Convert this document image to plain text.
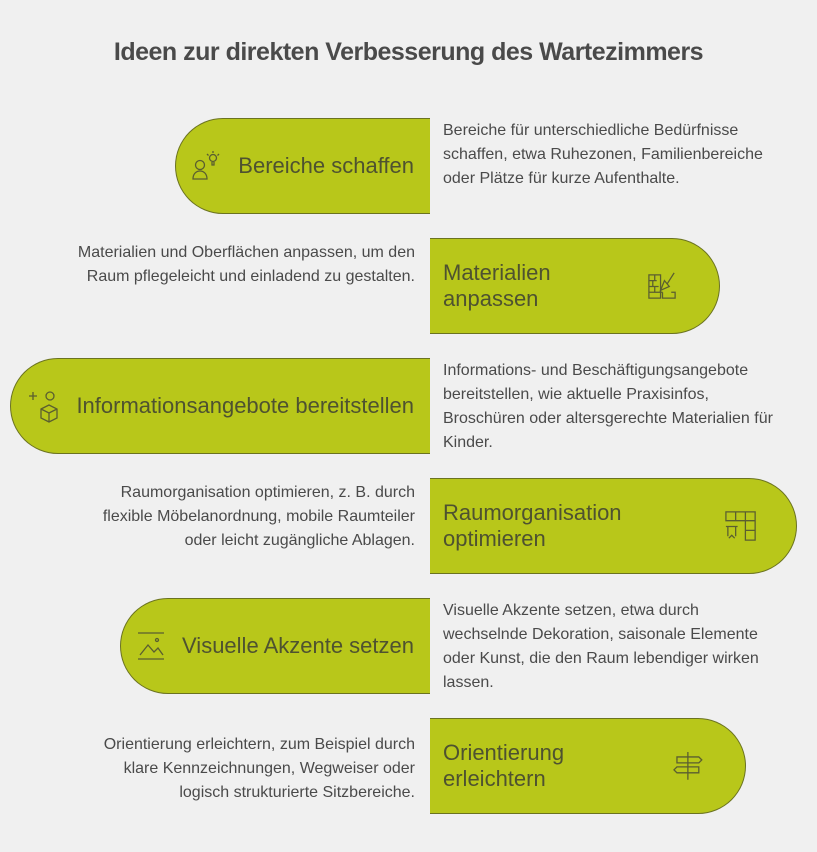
Ideen zur direkten Verbesserung des Wartezimmers
Bereiche schaffen
Bereiche für unterschiedliche Bedürfnisse schaffen, etwa Ruhezonen, Familienbereiche oder Plätze für kurze Aufenthalte.
Materialien anpassen
Materialien und Oberflächen anpassen, um den Raum pflegeleicht und einladend zu gestalten.
Informationsangebote bereitstellen
Informations- und Beschäftigungsangebote bereitstellen, wie aktuelle Praxisinfos, Broschüren oder altersgerechte Materialien für Kinder.
Raumorganisation optimieren
Raumorganisation optimieren, z. B. durch flexible Möbelanordnung, mobile Raumteiler oder leicht zugängliche Ablagen.
Visuelle Akzente setzen
Visuelle Akzente setzen, etwa durch wechselnde Dekoration, saisonale Elemente oder Kunst, die den Raum lebendiger wirken lassen.
Orientierung erleichtern
Orientierung erleichtern, zum Beispiel durch klare Kennzeichnungen, Wegweiser oder logisch strukturierte Sitzbereiche.
